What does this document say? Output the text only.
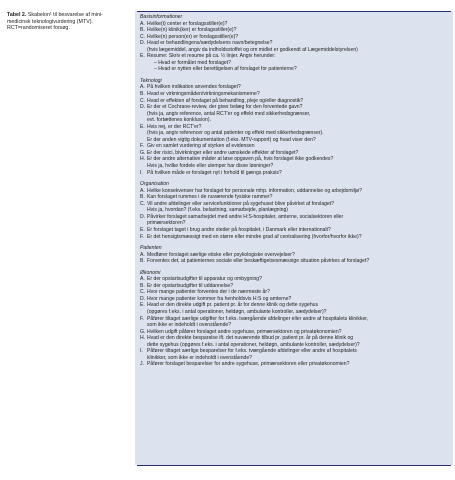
Tabel 2. Skabelon¹ til besvarelse af mini-medicinsk teknologivurdering (MTV).
RCT=randomiseret forsøg.
Basisinformationer
A. Hvilke(t) center er forslagsstiller(e)?
B. Hvilke(n) klinik(ker) er forslagsstiller(e)?
C. Hvilke(n) person(er) er forslagsstiller(e)?
D. Hvad er behandlingens/sædydelsens navn/betegnelse?
(hvis lægemiddel, angiv da indholdsstoffet og om midlet er godkendt af Lægemiddelstyrelsen)
E. Resume: Skriv et resume på ca. ½ linjer. Angiv herunder:
– Hvad er formålet med forslaget?
– Hvad er nytten eller berettigelsen af forslaget for patienterne?
Teknologi
A. På hvilken indikation anvendes forslaget?
B. Hvad er virkningsmåden/virkningsmekanismerne?
C. Hvad er effekten af forslaget på behandling, pleje og/eller diagnostik?
D. Er der et Cochrane-review, der giver belæg for den forventede gavn?
(hvis ja, angiv reference, antal RCT'er og effekt med sikkerhedsgrænser,
evt. fortættenes konklusion).
E. Hvis nej, er der RCT'er?
(hvis ja, angiv referencer og antal patienter og effekt med sikkerhedsgrænser).
Er der anden vigtig dokumentation (f.eks. MTV-rapport) og hvad viser den?
F. Giv en samlet vurdering af styrken af evidensen
G. Er der risici, bivirkninger eller andre uønskede effekter af forslaget?
H. Er der andre alternative måder at løse opgaven på, hvis forslaget ikke godkendes?
Hvis ja, hvilke fordele eller ulemper har disse løsninger?
I. På hvilken måde er forslaget nyt i forhold til gængs praksis?
Organisation
A. Hvilke konsekvenser har forslaget for personale mhp. information, uddannelse og arbejdsmiljø?
B. Kan forslaget rummes i de nuværende fysiske rammer?
C. Vil andre afdelinger eller servicefunktioner på sygehuset blive påvirket af forslaget?
Hvis ja, hvordan? (f.eks. belastning, samarbejde, planlægning)
D. Påvirker forslaget samarbejdet med andre H:S-hospitaler, amterne, socialsektoren eller
primærsektoren?
E. Er forslaget taget i brug andre steder på hospitalet, i Danmark eller internationalt?
F. Er det hensigtsmæssigt med en større eller mindre grad af centralisering (hvorfor/hvorfor ikke)?
Patienten
A. Medfører forslaget særlige etiske eller psykologiske overvejelser?
B. Forventes det, at patienternes sociale eller beskæftigelsesmæssige situation påvirkes af forslaget?
Økonomi
A. Er der opstartsudgifter til apparatur og ombygning?
B. Er der opstartsudgifter til uddannelse?
C. Hvor mange patienter forventes der i de nærmeste år?
D. Hvor mange patienter kommer fra henholdsvis H:S og amterne?
E. Hvad er den direkte udgift pr. patient pr. år for denne klinik og dette sygehus
(opgøres f.eks. i antal operationer, heldøgn, ambulante kontroller, sædydelser)?
F. Påfører tiltaget særlige udgifter for f.eks. tværgående afdelinger eller andre af hospitalets klinikker,
som ikke er indeholdt i ovenstående?
G. Hvilken udgift påfører forslaget andre sygehuse, primærsektoren og privatøkonomien?
H. Hvad er den direkte besparelse ift. det nuværende tilbud pr. patient pr. år på denne klinik og
dette sygehus (opgøres f.eks. i antal operationer, heldøgn, ambulante kontroller, sædydelser)?
I. Påfører tiltaget særlige besparelser for f.eks. tværgående afdelinger eller andre af hospitalets
klinikker, som ikke er indeholdt i ovenstående?
J. Påfører forslaget besparelser for andre sygehuse, primærsektoren eller privatøkonomien?
